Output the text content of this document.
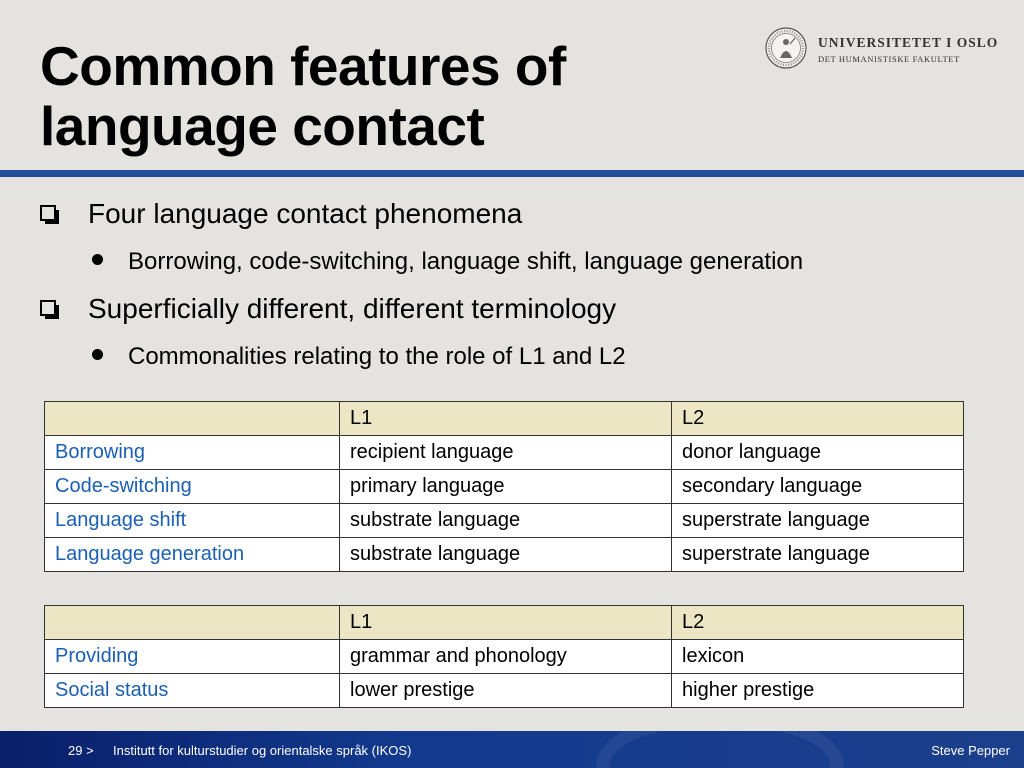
Common features of
language contact
UNIVERSITETET I OSLO
DET HUMANISTISKE FAKULTET
Four language contact phenomena
Borrowing, code-switching, language shift, language generation
Superficially different, different terminology
Commonalities relating to the role of L1 and L2
	L1	L2
Borrowing	recipient language	donor language
Code-switching	primary language	secondary language
Language shift	substrate language	superstrate language
Language generation	substrate language	superstrate language
	L1	L2
Providing	grammar and phonology	lexicon
Social status	lower prestige	higher prestige
29 > Institutt for kulturstudier og orientalske språk (IKOS)	Steve Pepper
